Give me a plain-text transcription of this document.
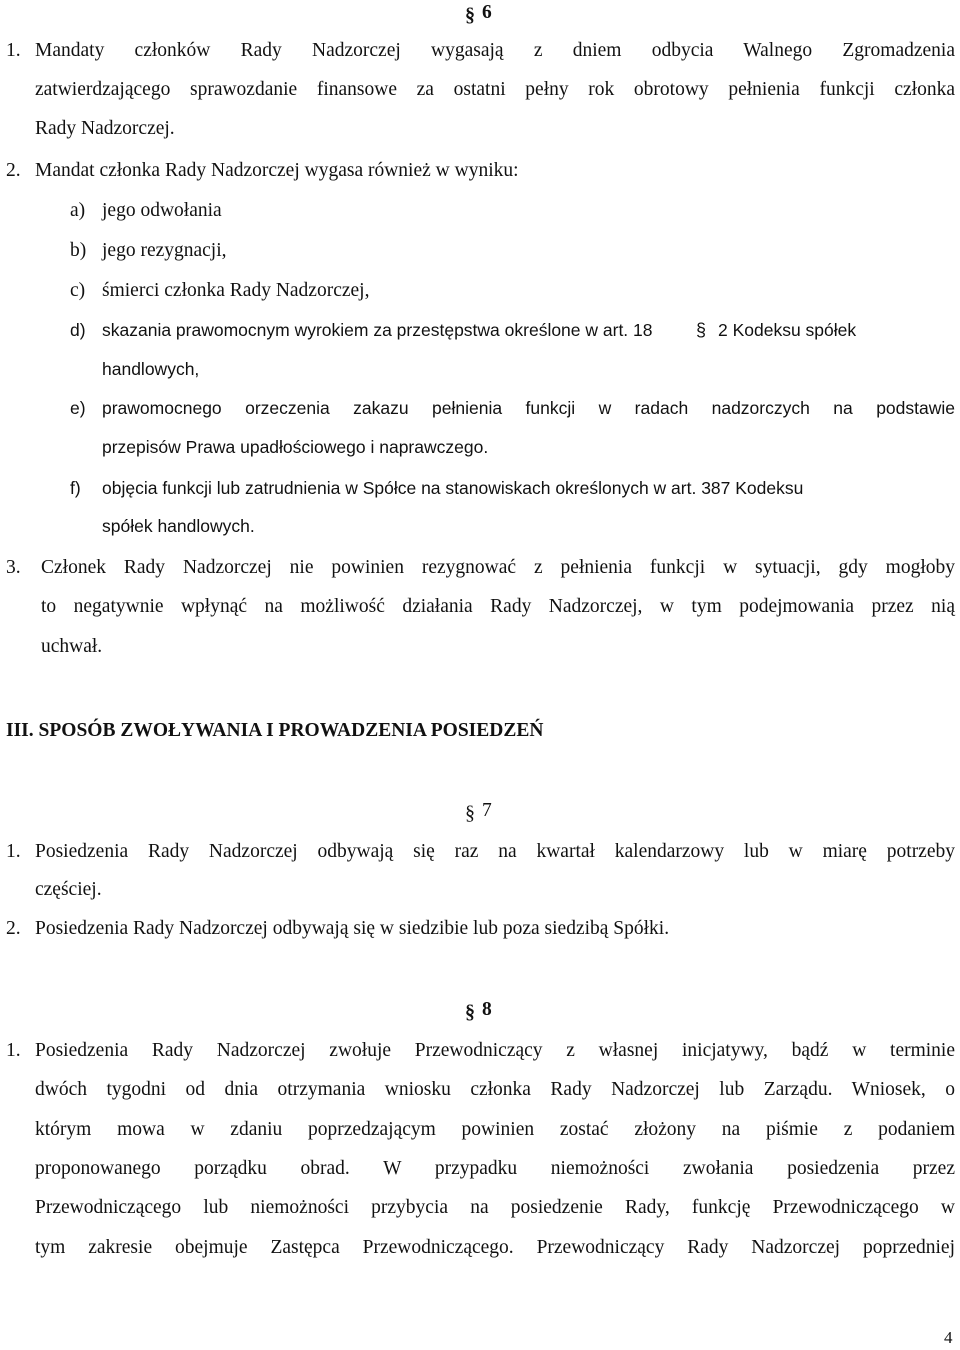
§ 6
1. Mandaty członków Rady Nadzorczej wygasają z dniem odbycia Walnego Zgromadzenia
zatwierdzającego sprawozdanie finansowe za ostatni pełny rok obrotowy pełnienia funkcji członka
Rady Nadzorczej.
2. Mandat członka Rady Nadzorczej wygasa również w wyniku:
a) jego odwołania
b) jego rezygnacji,
c) śmierci członka Rady Nadzorczej,
d) skazania prawomocnym wyrokiem za przestępstwa określone w art. 18 § 2 Kodeksu spółek
handlowych,
e) prawomocnego orzeczenia zakazu pełnienia funkcji w radach nadzorczych na podstawie
przepisów Prawa upadłościowego i naprawczego.
f) objęcia funkcji lub zatrudnienia w Spółce na stanowiskach określonych w art. 387 Kodeksu
spółek handlowych.
3. Członek Rady Nadzorczej nie powinien rezygnować z pełnienia funkcji w sytuacji, gdy mogłoby
to negatywnie wpłynąć na możliwość działania Rady Nadzorczej, w tym podejmowania przez nią
uchwał.
III. SPOSÓB ZWOŁYWANIA I PROWADZENIA POSIEDZEŃ
§ 7
1. Posiedzenia Rady Nadzorczej odbywają się raz na kwartał kalendarzowy lub w miarę potrzeby
częściej.
2. Posiedzenia Rady Nadzorczej odbywają się w siedzibie lub poza siedzibą Spółki.
§ 8
1. Posiedzenia Rady Nadzorczej zwołuje Przewodniczący z własnej inicjatywy, bądź w terminie
dwóch tygodni od dnia otrzymania wniosku członka Rady Nadzorczej lub Zarządu. Wniosek, o
którym mowa w zdaniu poprzedzającym powinien zostać złożony na piśmie z podaniem
proponowanego porządku obrad. W przypadku niemożności zwołania posiedzenia przez
Przewodniczącego lub niemożności przybycia na posiedzenie Rady, funkcję Przewodniczącego w
tym zakresie obejmuje Zastępca Przewodniczącego. Przewodniczący Rady Nadzorczej poprzedniej
4
